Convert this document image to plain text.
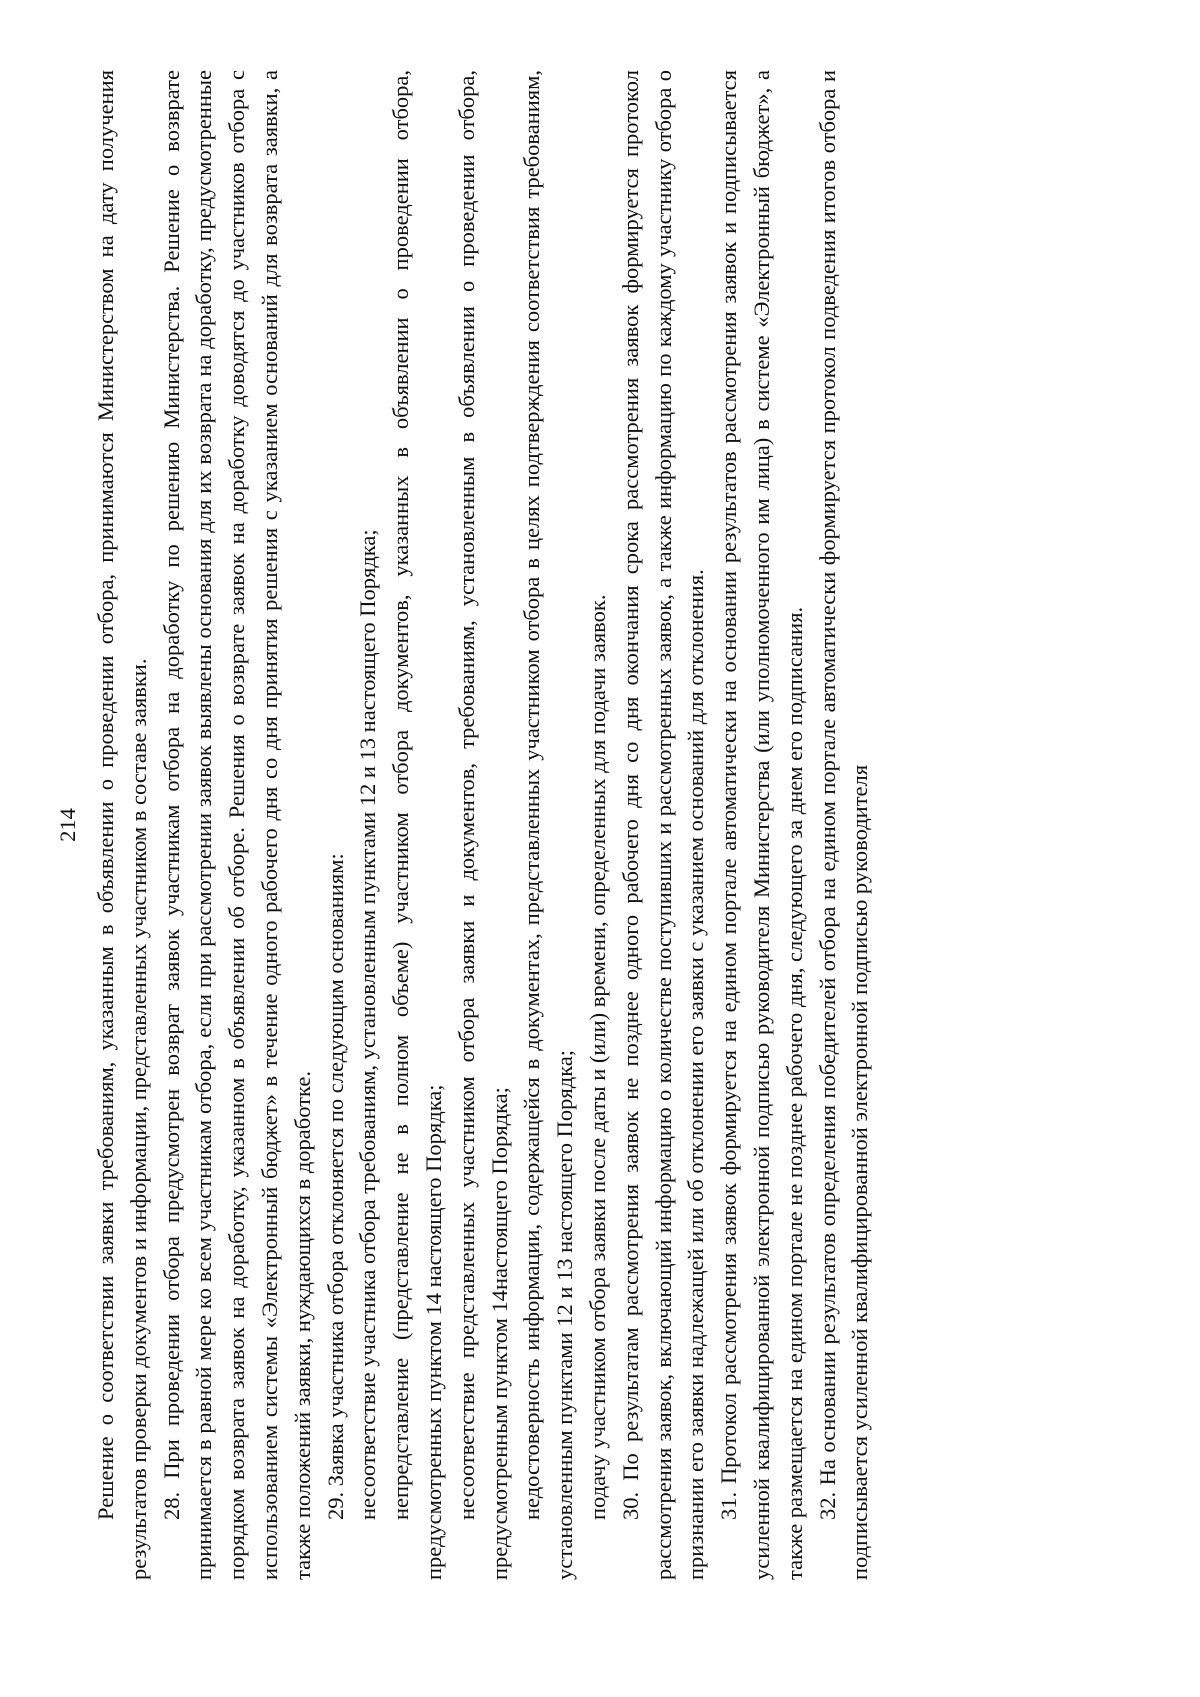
214 Решение о соответствии заявки требованиям, указанным в объявлении о проведении отбора, принимаются Министерством на дату получения результатов проверки документов и информации, представленных участником в составе заявки. 28. При проведении отбора предусмотрен возврат заявок участникам отбора на доработку по решению Министерства. Решение о возврате принимается в равной мере ко всем участникам отбора, если при рассмотрении заявок выявлены основания для их возврата на доработку, предусмотренные порядком возврата заявок на доработку, указанном в объявлении об отборе. Решения о возврате заявок на доработку доводятся до участников отбора с использованием системы «Электронный бюджет» в течение одного рабочего дня со дня принятия решения с указанием оснований для возврата заявки, а также положений заявки, нуждающихся в доработке. 29. Заявка участника отбора отклоняется по следующим основаниям: несоответствие участника отбора требованиям, установленным пунктами 12 и 13 настоящего Порядка; непредставление (представление не в полном объеме) участником отбора документов, указанных в объявлении о проведении отбора, предусмотренных пунктом 14 настоящего Порядка; несоответствие представленных участником отбора заявки и документов, требованиям, установленным в объявлении о проведении отбора, предусмотренным пунктом 14настоящего Порядка; недостоверность информации, содержащейся в документах, представленных участником отбора в целях подтверждения соответствия требованиям, установленным пунктами 12 и 13 настоящего Порядка; подачу участником отбора заявки после даты и (или) времени, определенных для подачи заявок. 30. По результатам рассмотрения заявок не позднее одного рабочего дня со дня окончания срока рассмотрения заявок формируется протокол рассмотрения заявок, включающий информацию о количестве поступивших и рассмотренных заявок, а также информацию по каждому участнику отбора о признании его заявки надлежащей или об отклонении его заявки с указанием оснований для отклонения. 31. Протокол рассмотрения заявок формируется на едином портале автоматически на основании результатов рассмотрения заявок и подписывается усиленной квалифицированной электронной подписью руководителя Министерства (или уполномоченного им лица) в системе «Электронный бюджет», а также размещается на едином портале не позднее рабочего дня, следующего за днем его подписания. 32. На основании результатов определения победителей отбора на едином портале автоматически формируется протокол подведения итогов отбора и подписывается усиленной квалифицированной электронной подписью руководителя
